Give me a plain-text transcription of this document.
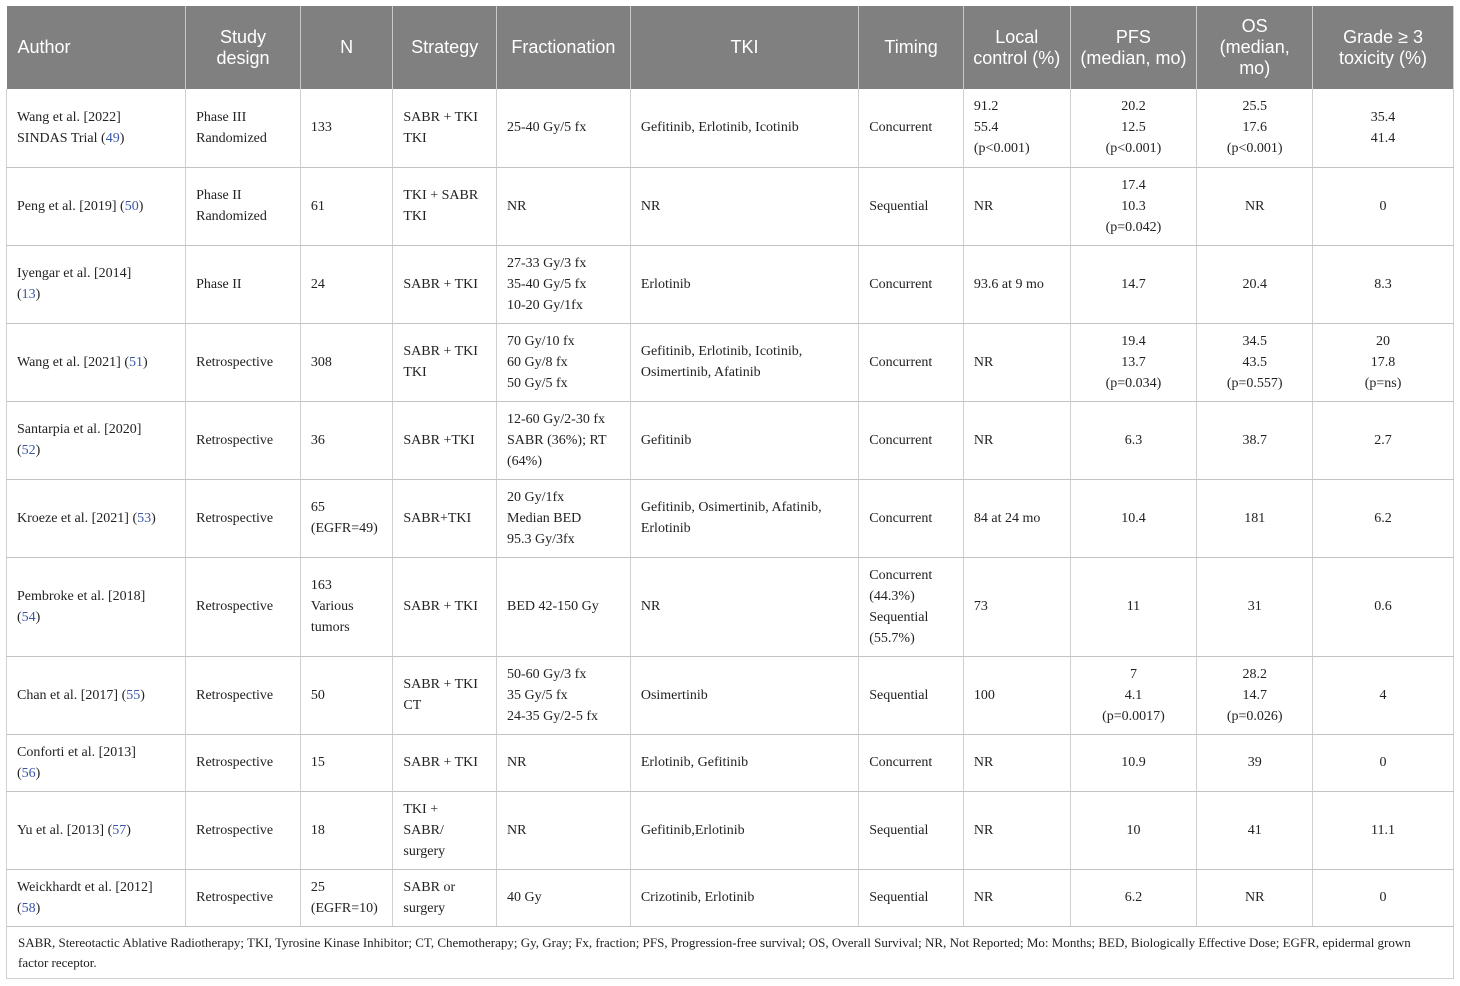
Author	Study design	N	Strategy	Fractionation	TKI	Timing	Local control (%)	PFS (median, mo)	OS (median, mo)	Grade ≥ 3 toxicity (%)

Wang et al. [2022]
SINDAS Trial (49)	Phase III
Randomized	133	SABR + TKI
TKI	25-40 Gy/5 fx	Gefitinib, Erlotinib, Icotinib	Concurrent	91.2
55.4
(p<0.001)	20.2
12.5
(p<0.001)	25.5
17.6
(p<0.001)	35.4
41.4

Peng et al. [2019] (50)	Phase II
Randomized	61	TKI + SABR
TKI	NR	NR	Sequential	NR	17.4
10.3
(p=0.042)	NR	0

Iyengar et al. [2014]
(13)	Phase II	24	SABR + TKI	27-33 Gy/3 fx
35-40 Gy/5 fx
10-20 Gy/1fx	Erlotinib	Concurrent	93.6 at 9 mo	14.7	20.4	8.3

Wang et al. [2021] (51)	Retrospective	308	SABR + TKI
TKI	70 Gy/10 fx
60 Gy/8 fx
50 Gy/5 fx	Gefitinib, Erlotinib, Icotinib,
Osimertinib, Afatinib	Concurrent	NR	19.4
13.7
(p=0.034)	34.5
43.5
(p=0.557)	20
17.8
(p=ns)

Santarpia et al. [2020]
(52)	Retrospective	36	SABR +TKI	12-60 Gy/2-30 fx
SABR (36%); RT
(64%)	Gefitinib	Concurrent	NR	6.3	38.7	2.7

Kroeze et al. [2021] (53)	Retrospective	65
(EGFR=49)	SABR+TKI	20 Gy/1fx
Median BED
95.3 Gy/3fx	Gefitinib, Osimertinib, Afatinib,
Erlotinib	Concurrent	84 at 24 mo	10.4	181	6.2

Pembroke et al. [2018]
(54)	Retrospective	163
Various
tumors	SABR + TKI	BED 42-150 Gy	NR	Concurrent
(44.3%)
Sequential
(55.7%)	73	11	31	0.6

Chan et al. [2017] (55)	Retrospective	50	SABR + TKI
CT	50-60 Gy/3 fx
35 Gy/5 fx
24-35 Gy/2-5 fx	Osimertinib	Sequential	100	7
4.1
(p=0.0017)	28.2
14.7
(p=0.026)	4

Conforti et al. [2013]
(56)	Retrospective	15	SABR + TKI	NR	Erlotinib, Gefitinib	Concurrent	NR	10.9	39	0

Yu et al. [2013] (57)	Retrospective	18	TKI +
SABR/
surgery	NR	Gefitinib,Erlotinib	Sequential	NR	10	41	11.1

Weickhardt et al. [2012]
(58)	Retrospective	25
(EGFR=10)	SABR or
surgery	40 Gy	Crizotinib, Erlotinib	Sequential	NR	6.2	NR	0
SABR, Stereotactic Ablative Radiotherapy; TKI, Tyrosine Kinase Inhibitor; CT, Chemotherapy; Gy, Gray; Fx, fraction; PFS, Progression-free survival; OS, Overall Survival; NR, Not Reported; Mo: Months; BED, Biologically Effective Dose; EGFR, epidermal grown factor receptor.
